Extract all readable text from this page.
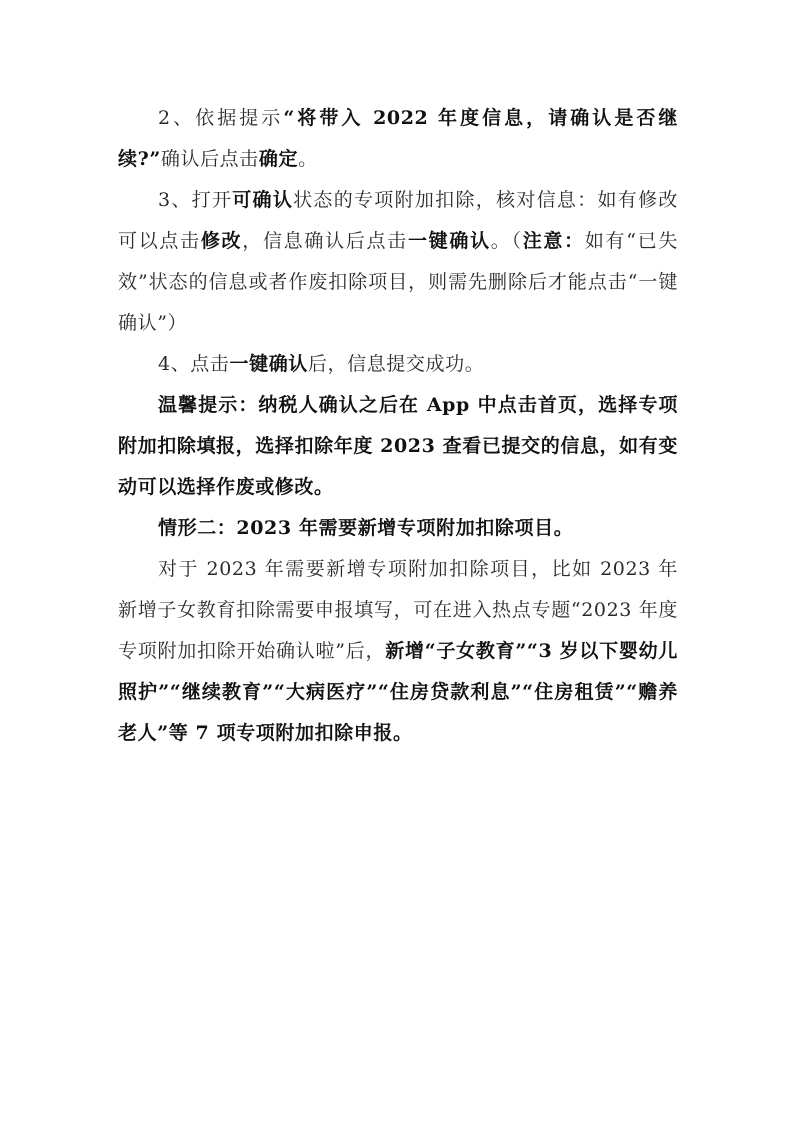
2、依据提示“将带入 2022 年度信息，请确认是否继续?”确认后点击确定。

3、打开可确认状态的专项附加扣除，核对信息：如有修改可以点击修改，信息确认后点击一键确认。（注意：如有“已失效”状态的信息或者作废扣除项目，则需先删除后才能点击“一键确认”）

4、点击一键确认后，信息提交成功。

温馨提示：纳税人确认之后在 App 中点击首页，选择专项附加扣除填报，选择扣除年度 2023 查看已提交的信息，如有变动可以选择作废或修改。

情形二：2023 年需要新增专项附加扣除项目。

对于 2023 年需要新增专项附加扣除项目，比如 2023 年新增子女教育扣除需要申报填写，可在进入热点专题“2023 年度专项附加扣除开始确认啦”后，新增“子女教育”“3 岁以下婴幼儿照护”“继续教育”“大病医疗”“住房贷款利息”“住房租赁”“赡养老人”等 7 项专项附加扣除申报。
